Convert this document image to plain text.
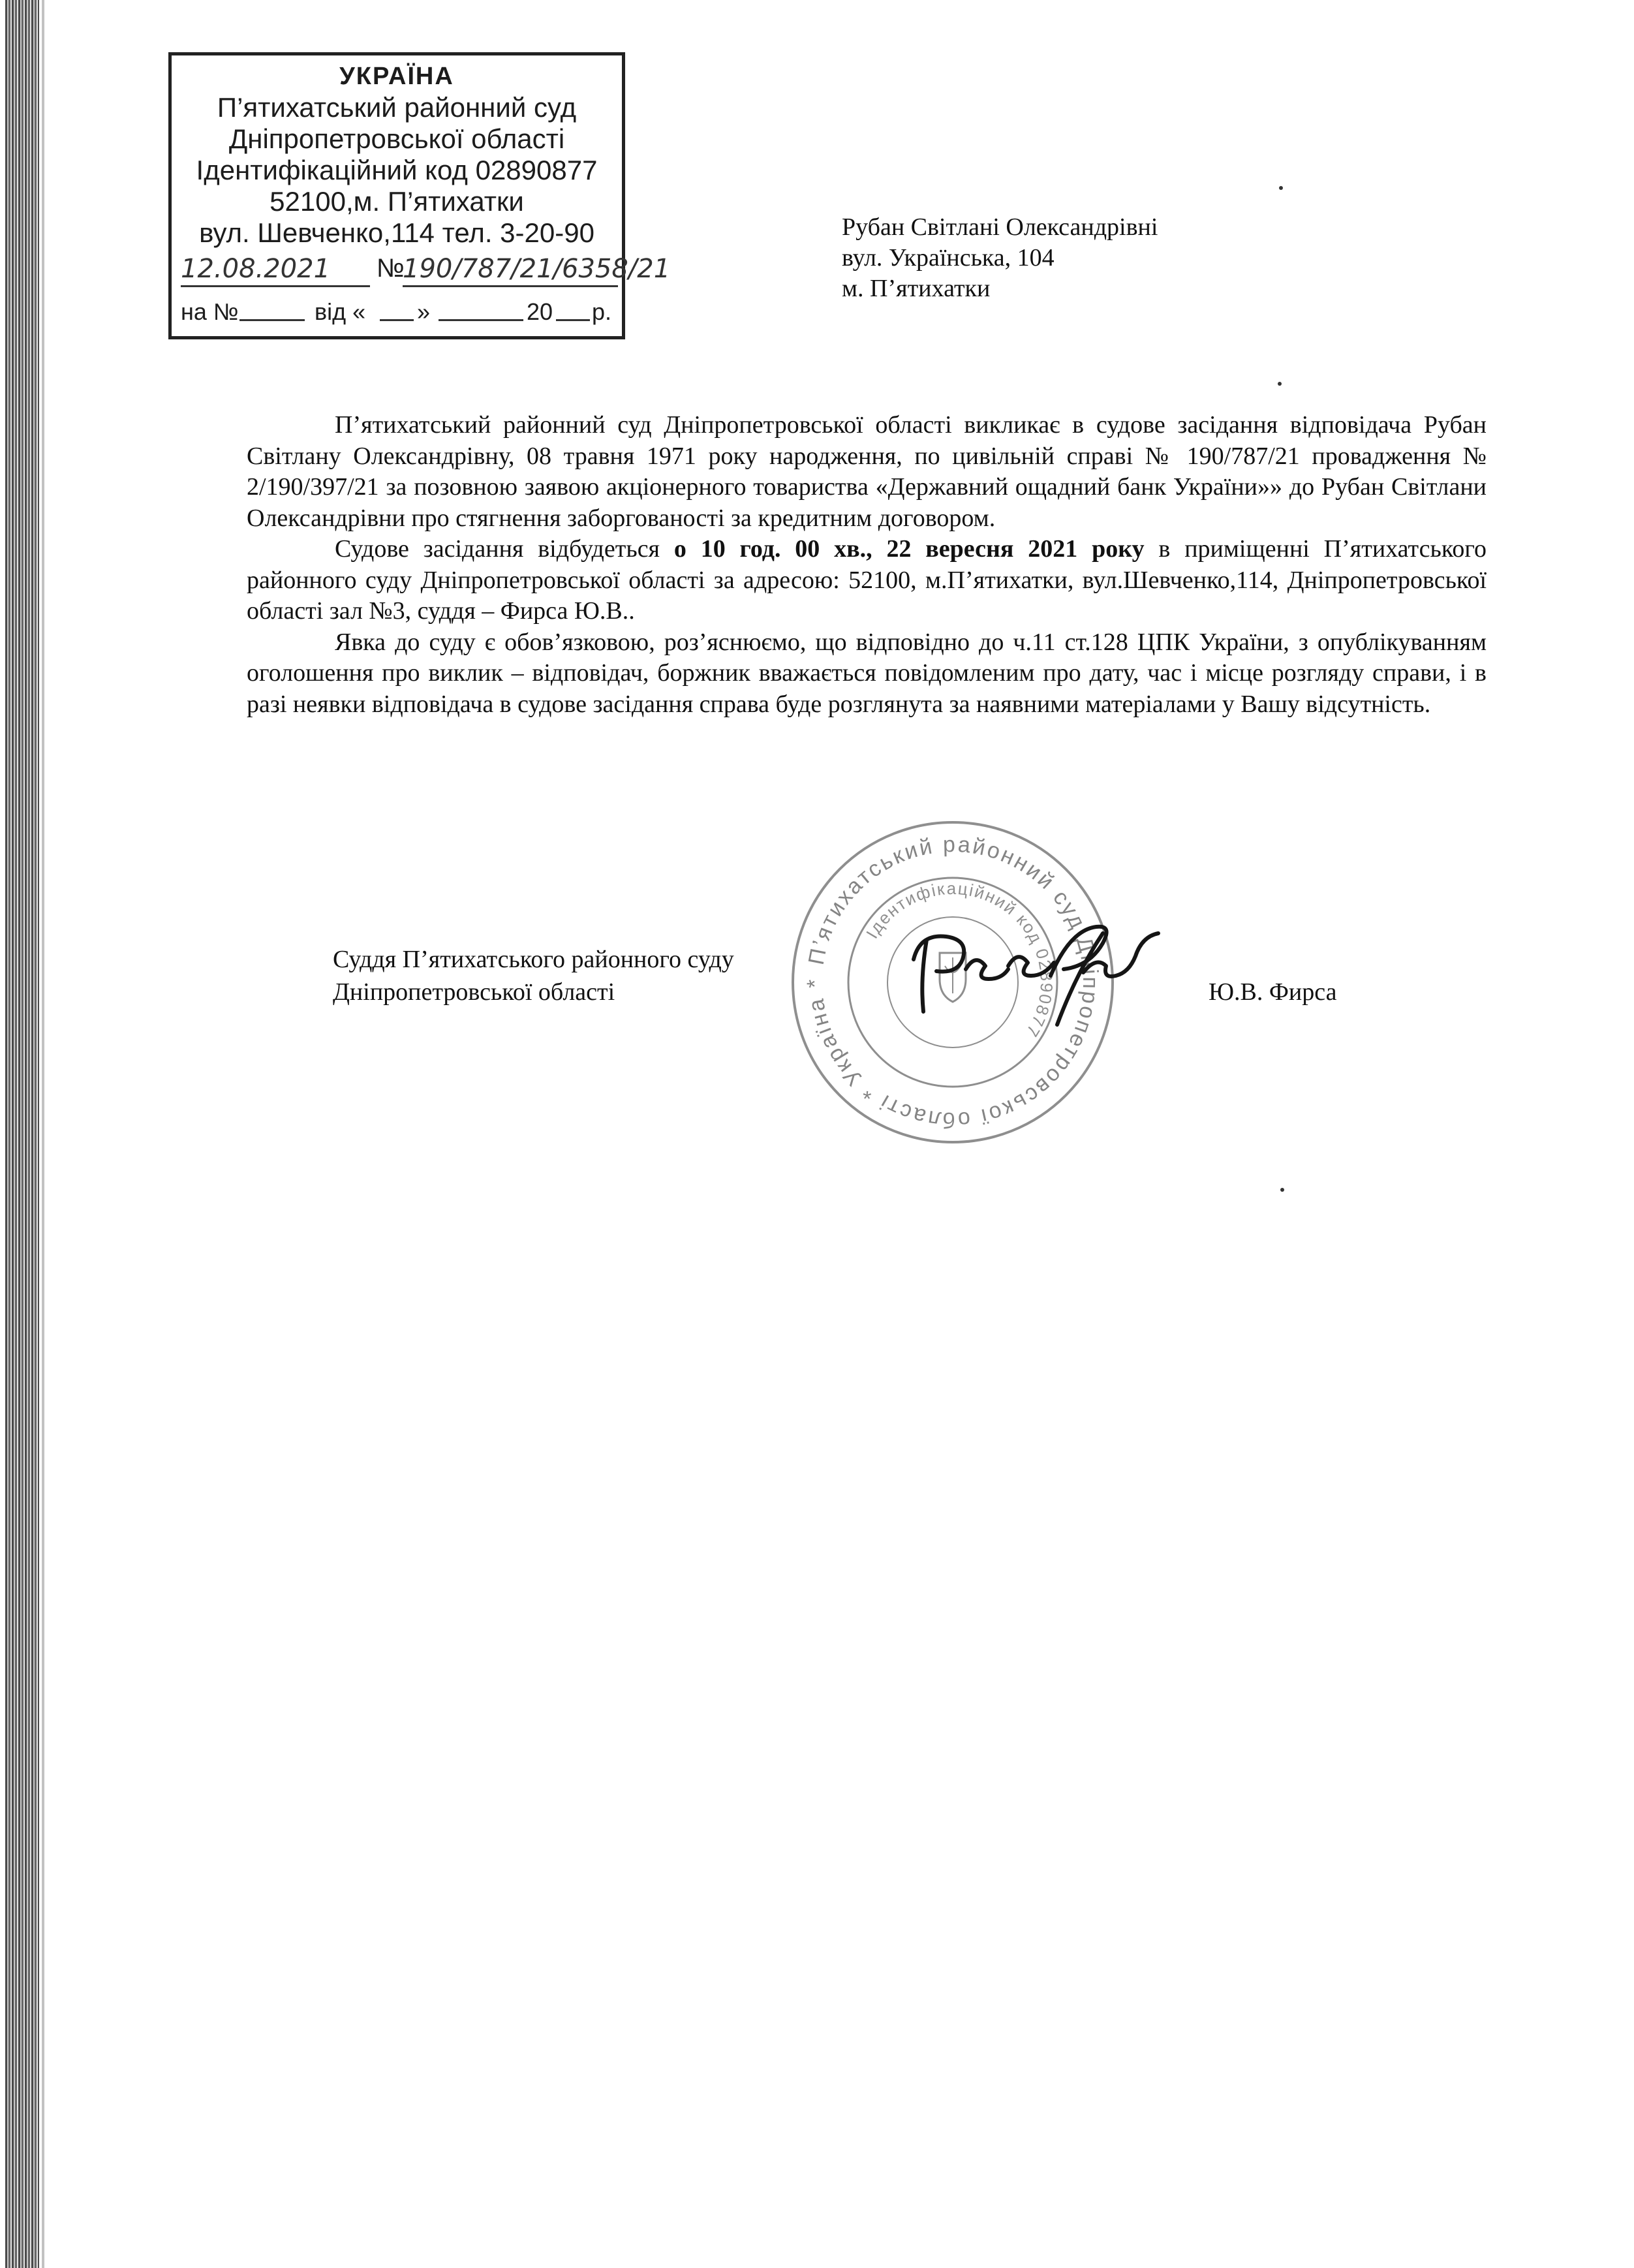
УКРАЇНА
П’ятихатський районний суд
Дніпропетровської області
Ідентифікаційний код 02890877
52100,м. П’ятихатки
вул. Шевченко,114 тел. 3-20-90
12.08.2021 №
190/787/21/6358/21
на №	від « »	20 р.
Рубан Світлані Олександрівні
вул. Українська, 104
м. П’ятихатки

П’ятихатський районний суд Дніпропетровської області викликає в судове засідання відповідача Рубан Світлану Олександрівну, 08 травня 1971 року народження, по цивільній справі № 190/787/21 провадження № 2/190/397/21 за позовною заявою акціонерного товариства «Державний ощадний банк України»» до Рубан Світлани Олександрівни про стягнення заборгованості за кредитним договором.

Судове засідання відбудеться о 10 год. 00 хв., 22 вересня 2021 року в приміщенні П’ятихатського районного суду Дніпропетровської області за адресою: 52100, м.П’ятихатки, вул.Шевченко,114, Дніпропетровської області зал №3, суддя – Фирса Ю.В..

Явка до суду є обов’язковою, роз’яснюємо, що відповідно до ч.11 ст.128 ЦПК України, з опублікуванням оголошення про виклик – відповідач, боржник вважається повідомленим про дату, час і місце розгляду справи, і в разі неявки відповідача в судове засідання справа буде розглянута за наявними матеріалами у Вашу відсутність.

П’ятихатський районний суд Дніпропетровської області * Україна *
Ідентифікаційний код 02890877
Суддя П’ятихатського районного суду
Дніпропетровської області	Ю.В. Фирса
